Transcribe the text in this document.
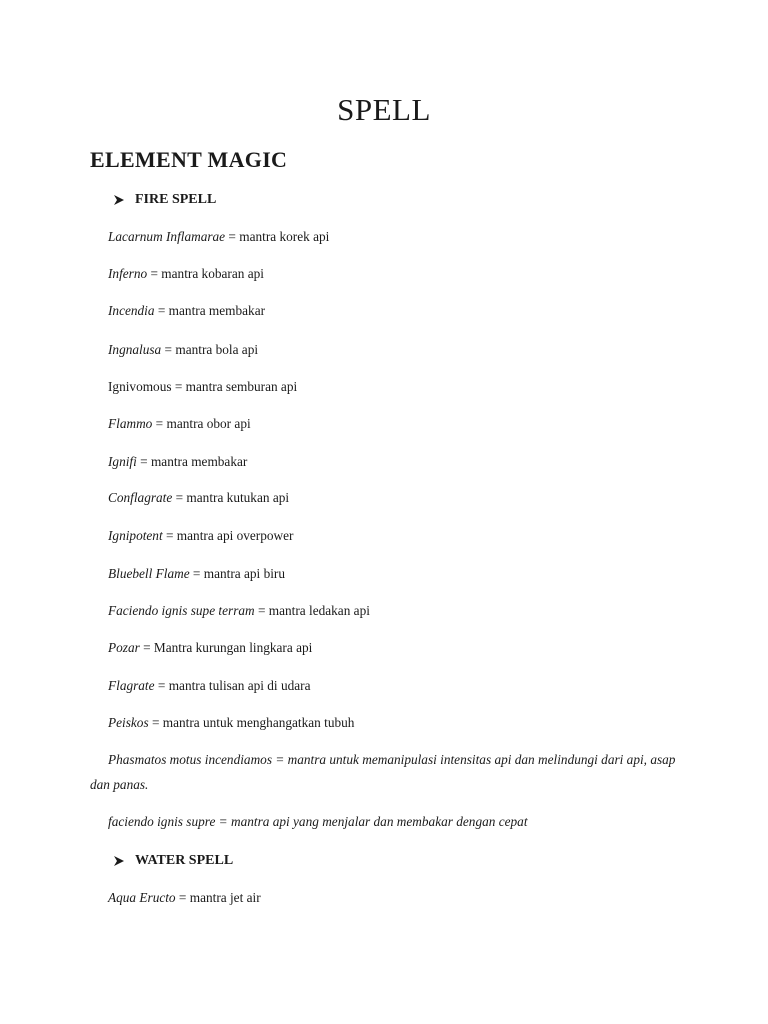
SPELL
ELEMENT MAGIC
FIRE SPELL

Lacarnum Inflamarae = mantra korek api

Inferno = mantra kobaran api

Incendia = mantra membakar

Ingnalusa = mantra bola api

Ignivomous = mantra semburan api

Flammo = mantra obor api

Ignifi = mantra membakar

Conflagrate = mantra kutukan api

Ignipotent = mantra api overpower

Bluebell Flame = mantra api biru

Faciendo ignis supe terram = mantra ledakan api

Pozar = Mantra kurungan lingkara api

Flagrate = mantra tulisan api di udara

Peiskos = mantra untuk menghangatkan tubuh

Phasmatos motus incendiamos = mantra untuk memanipulasi intensitas api dan melindungi dari api, asap dan panas.

faciendo ignis supre = mantra api yang menjalar dan membakar dengan cepat

WATER SPELL

Aqua Eructo = mantra jet air
